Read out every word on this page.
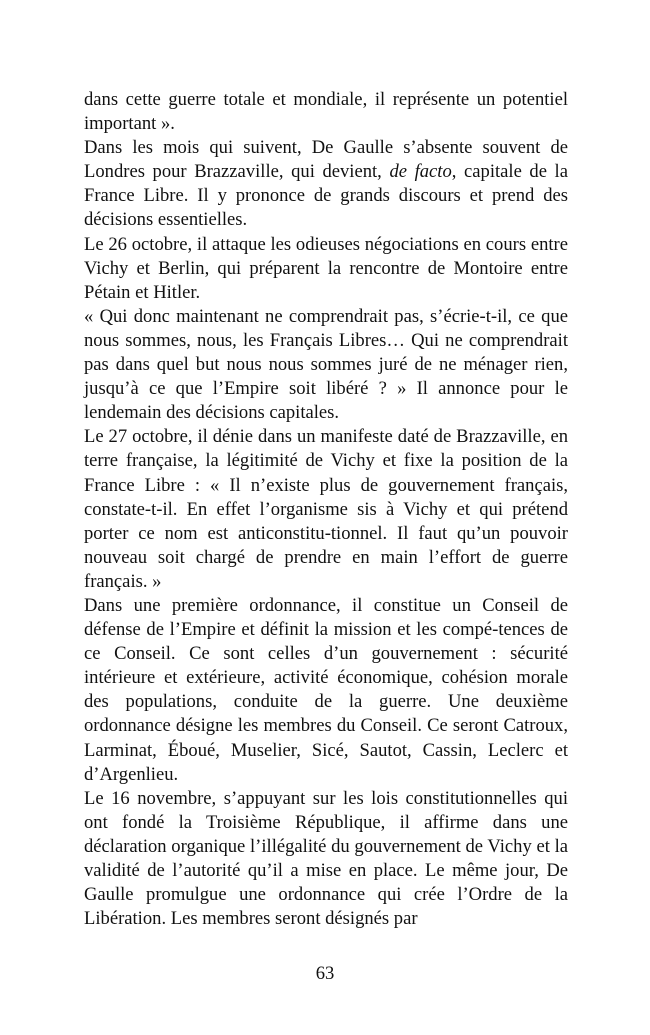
dans cette guerre totale et mondiale, il représente un potentiel important ».

Dans les mois qui suivent, De Gaulle s’absente souvent de Londres pour Brazzaville, qui devient, de facto, capitale de la France Libre. Il y prononce de grands discours et prend des décisions essentielles.

Le 26 octobre, il attaque les odieuses négociations en cours entre Vichy et Berlin, qui préparent la rencontre de Montoire entre Pétain et Hitler.

« Qui donc maintenant ne comprendrait pas, s’écrie-t-il, ce que nous sommes, nous, les Français Libres… Qui ne comprendrait pas dans quel but nous nous sommes juré de ne ménager rien, jusqu’à ce que l’Empire soit libéré ? » Il annonce pour le lendemain des décisions capitales.

Le 27 octobre, il dénie dans un manifeste daté de Brazzaville, en terre française, la légitimité de Vichy et fixe la position de la France Libre : « Il n’existe plus de gouvernement français, constate-t-il. En effet l’organisme sis à Vichy et qui prétend porter ce nom est anticonstitu-tionnel. Il faut qu’un pouvoir nouveau soit chargé de prendre en main l’effort de guerre français. »

Dans une première ordonnance, il constitue un Conseil de défense de l’Empire et définit la mission et les compé-tences de ce Conseil. Ce sont celles d’un gouvernement : sécurité intérieure et extérieure, activité économique, cohésion morale des populations, conduite de la guerre. Une deuxième ordonnance désigne les membres du Conseil. Ce seront Catroux, Larminat, Éboué, Muselier, Sicé, Sautot, Cassin, Leclerc et d’Argenlieu.

Le 16 novembre, s’appuyant sur les lois constitutionnelles qui ont fondé la Troisième République, il affirme dans une déclaration organique l’illégalité du gouvernement de Vichy et la validité de l’autorité qu’il a mise en place. Le même jour, De Gaulle promulgue une ordonnance qui crée l’Ordre de la Libération. Les membres seront désignés par

63
